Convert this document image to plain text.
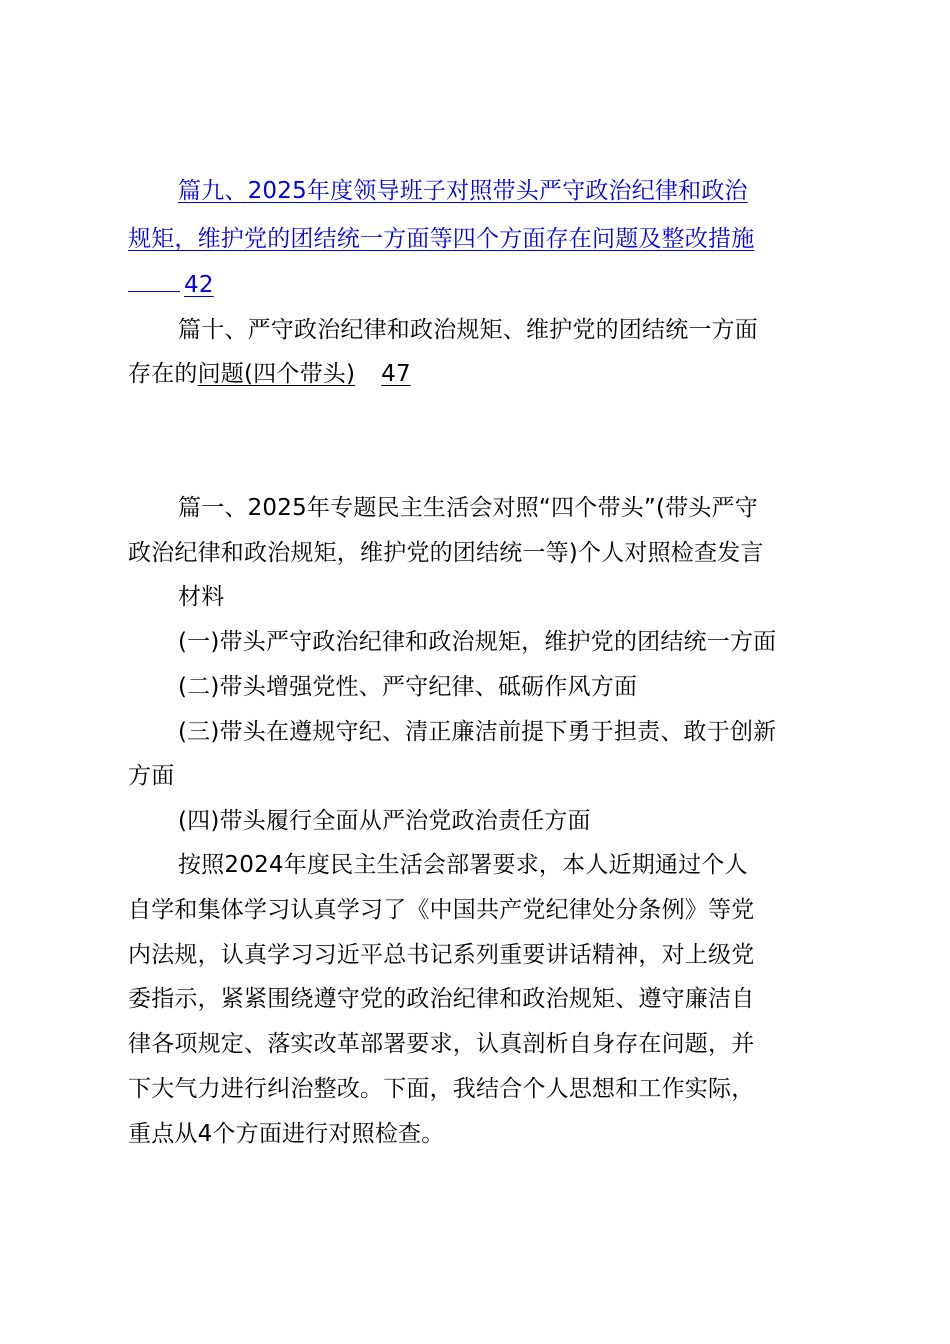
篇九、2025年度领导班子对照带头严守政治纪律和政治
规矩，维护党的团结统一方面等四个方面存在问题及整改措施
42
篇十、严守政治纪律和政治规矩、维护党的团结统一方面
存在的问题(四个带头) 47
篇一、2025年专题民主生活会对照“四个带头”(带头严守
政治纪律和政治规矩，维护党的团结统一等)个人对照检查发言
材料
(一)带头严守政治纪律和政治规矩，维护党的团结统一方面
(二)带头增强党性、严守纪律、砥砺作风方面
(三)带头在遵规守纪、清正廉洁前提下勇于担责、敢于创新
方面
(四)带头履行全面从严治党政治责任方面
按照2024年度民主生活会部署要求，本人近期通过个人
自学和集体学习认真学习了《中国共产党纪律处分条例》等党
内法规，认真学习习近平总书记系列重要讲话精神，对上级党
委指示，紧紧围绕遵守党的政治纪律和政治规矩、遵守廉洁自
律各项规定、落实改革部署要求，认真剖析自身存在问题，并
下大气力进行纠治整改。下面，我结合个人思想和工作实际，
重点从4个方面进行对照检查。
